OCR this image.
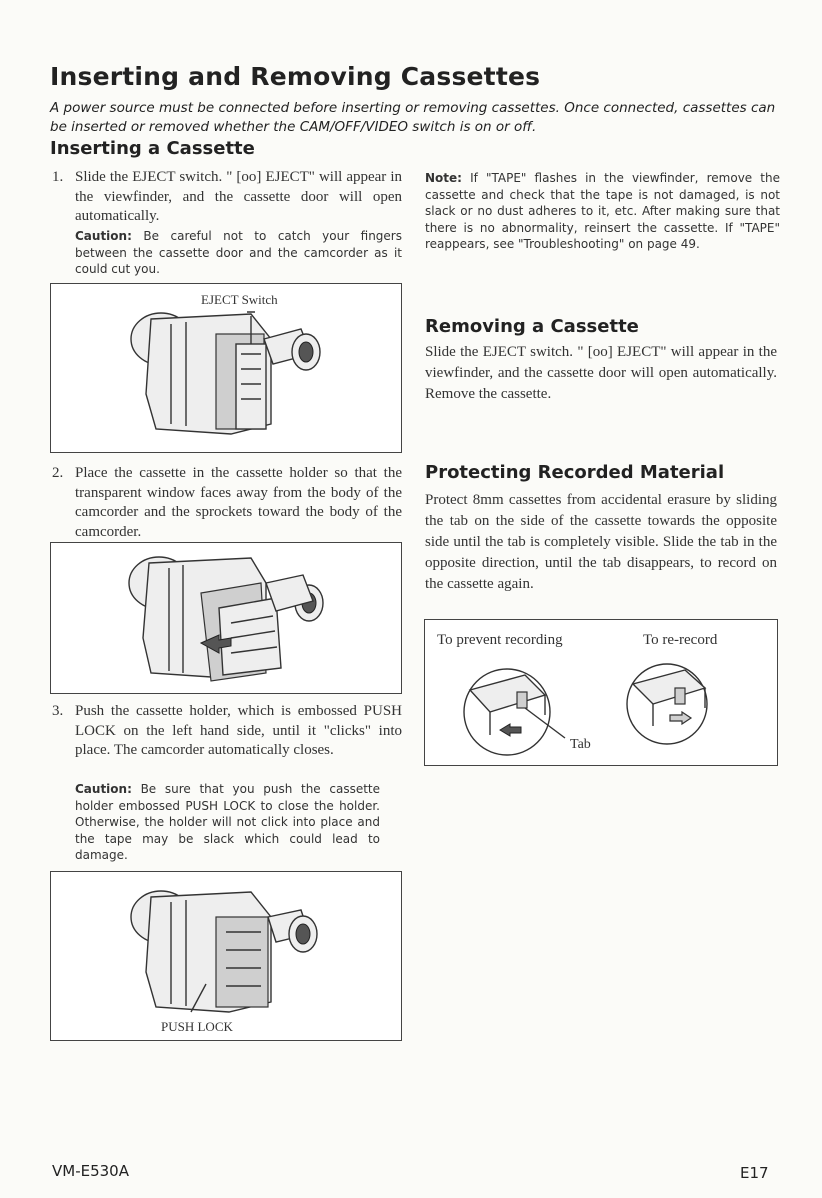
Inserting and Removing Cassettes

A power source must be connected before inserting or removing cassettes. Once connected, cassettes can be inserted or removed whether the CAM/OFF/VIDEO switch is on or off.

Inserting a Cassette
1. Slide the EJECT switch. " [oo] EJECT" will appear in the viewfinder, and the cassette door will open automatically.
Caution: Be careful not to catch your fingers between the cassette door and the camcorder as it could cut you.
EJECT Switch
2. Place the cassette in the cassette holder so that the transparent window faces away from the body of the camcorder and the sprockets toward the body of the camcorder.
3. Push the cassette holder, which is embossed PUSH LOCK on the left hand side, until it "clicks" into place. The camcorder automatically closes.
Caution: Be sure that you push the cassette holder embossed PUSH LOCK to close the holder. Otherwise, the holder will not click into place and the tape may be slack which could lead to damage.
PUSH LOCK
Note: If "TAPE" flashes in the viewfinder, remove the cassette and check that the tape is not damaged, is not slack or no dust adheres to it, etc. After making sure that there is no abnormality, reinsert the cassette. If "TAPE" reappears, see "Troubleshooting" on page 49.
Removing a Cassette

Slide the EJECT switch. " [oo] EJECT" will appear in the viewfinder, and the cassette door will open automatically. Remove the cassette.

Protecting Recorded Material

Protect 8mm cassettes from accidental erasure by sliding the tab on the side of the cassette towards the opposite side until the tab is completely visible. Slide the tab in the opposite direction, until the tab disappears, to record on the cassette again.

To prevent recording	To re-record
Tab
VM-E530A	E17
